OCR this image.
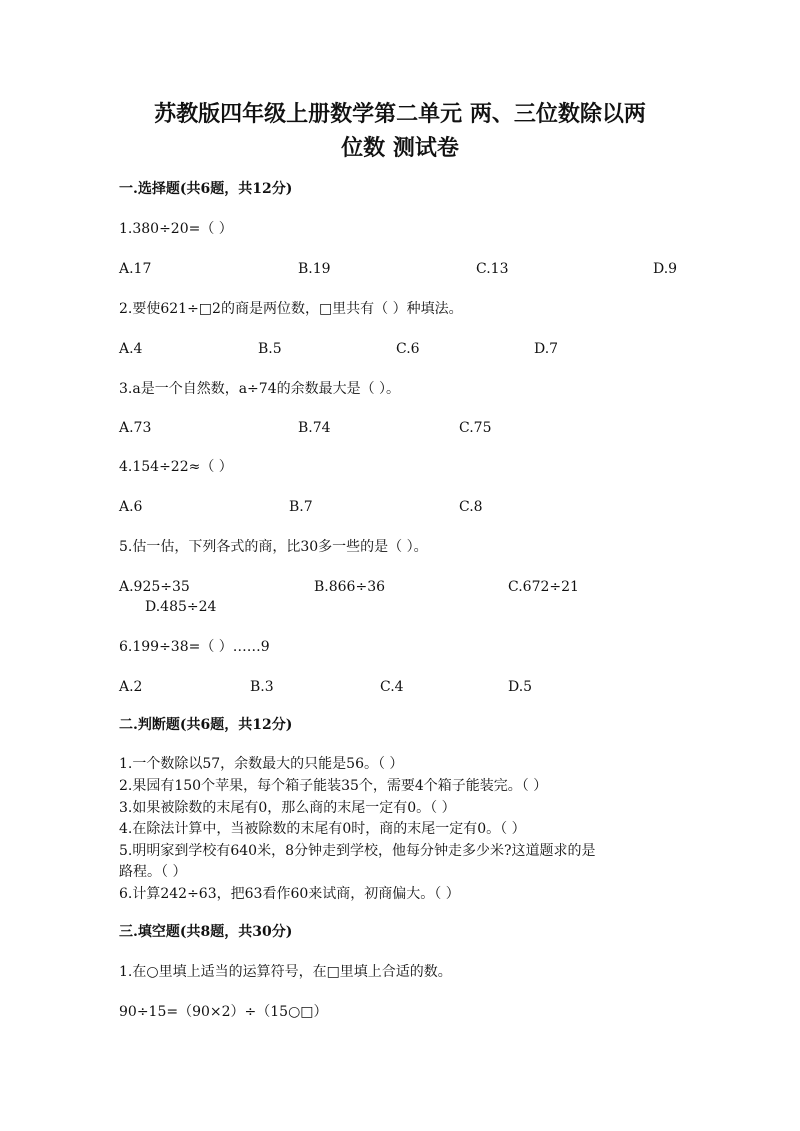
苏教版四年级上册数学第二单元 两、三位数除以两
位数 测试卷
一.选择题(共6题，共12分)
1.380÷20=（ ）
A.17	B.19	C.13	D.9
2.要使621÷□2的商是两位数，□里共有（ ）种填法。
A.4	B.5	C.6	D.7
3.a是一个自然数，a÷74的余数最大是（ ）。
A.73	B.74	C.75
4.154÷22≈（ ）
A.6	B.7	C.8
5.估一估，下列各式的商，比30多一些的是（ ）。
A.925÷35	B.866÷36	C.672÷21
D.485÷24
6.199÷38=（ ）……9
A.2	B.3	C.4	D.5
二.判断题(共6题，共12分)
1.一个数除以57，余数最大的只能是56。（ ）
2.果园有150个苹果，每个箱子能装35个，需要4个箱子能装完。（ ）
3.如果被除数的末尾有0，那么商的末尾一定有0。（ ）
4.在除法计算中，当被除数的末尾有0时，商的末尾一定有0。（ ）
5.明明家到学校有640米，8分钟走到学校，他每分钟走多少米?这道题求的是
路程。（ ）
6.计算242÷63，把63看作60来试商，初商偏大。（ ）
三.填空题(共8题，共30分)
1.在○里填上适当的运算符号，在□里填上合适的数。
90÷15=（90×2）÷（15○□）
